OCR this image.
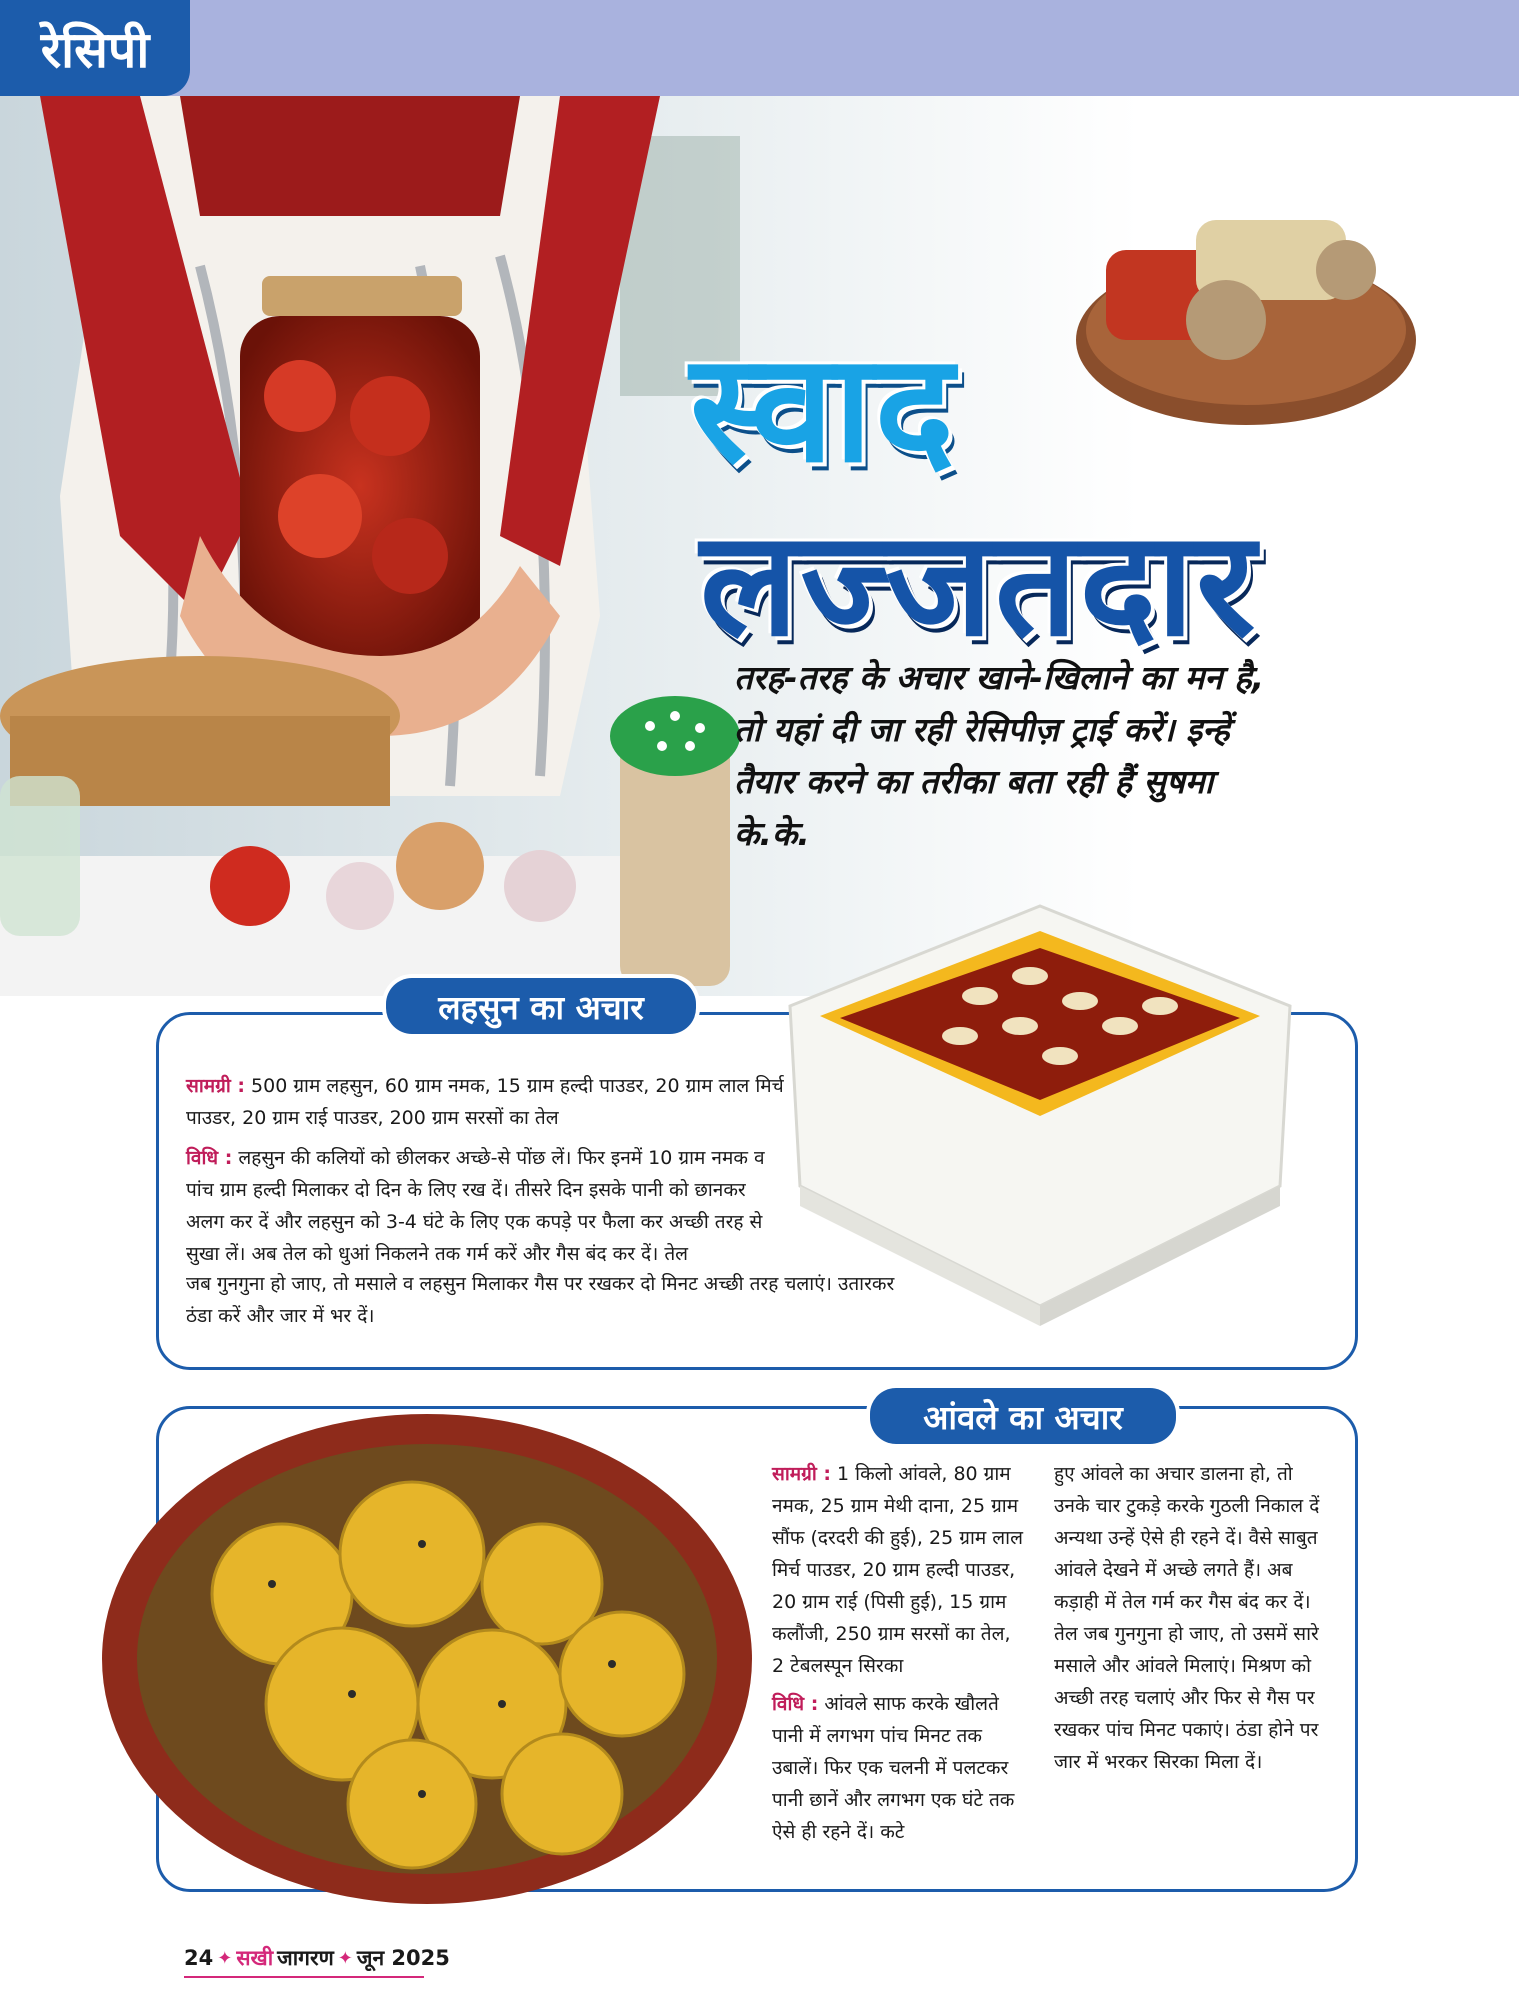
रेसिपी
स्वाद
लज्जतदार
तरह-तरह के अचार खाने-खिलाने का मन है, तो यहां दी जा रही रेसिपीज़ ट्राई करें। इन्हें तैयार करने का तरीका बता रही हैं सुषमा के.के.
लहसुन का अचार

सामग्री : 500 ग्राम लहसुन, 60 ग्राम नमक, 15 ग्राम हल्दी पाउडर, 20 ग्राम लाल मिर्च पाउडर, 20 ग्राम राई पाउडर, 200 ग्राम सरसों का तेल

विधि : लहसुन की कलियों को छीलकर अच्छे-से पोंछ लें। फिर इनमें 10 ग्राम नमक व पांच ग्राम हल्दी मिलाकर दो दिन के लिए रख दें। तीसरे दिन इसके पानी को छानकर अलग कर दें और लहसुन को 3-4 घंटे के लिए एक कपड़े पर फैला कर अच्छी तरह से सुखा लें। अब तेल को धुआं निकलने तक गर्म करें और गैस बंद कर दें। तेल

जब गुनगुना हो जाए, तो मसाले व लहसुन मिलाकर गैस पर रखकर दो मिनट अच्छी तरह चलाएं। उतारकर ठंडा करें और जार में भर दें।
आंवले का अचार

सामग्री : 1 किलो आंवले, 80 ग्राम नमक, 25 ग्राम मेथी दाना, 25 ग्राम सौंफ (दरदरी की हुई), 25 ग्राम लाल मिर्च पाउडर, 20 ग्राम हल्दी पाउडर, 20 ग्राम राई (पिसी हुई), 15 ग्राम कलौंजी, 250 ग्राम सरसों का तेल, 2 टेबलस्पून सिरका

विधि : आंवले साफ करके खौलते पानी में लगभग पांच मिनट तक उबालें। फिर एक चलनी में पलटकर पानी छानें और लगभग एक घंटे तक ऐसे ही रहने दें। कटे

हुए आंवले का अचार डालना हो, तो उनके चार टुकड़े करके गुठली निकाल दें अन्यथा उन्हें ऐसे ही रहने दें। वैसे साबुत आंवले देखने में अच्छे लगते हैं। अब कड़ाही में तेल गर्म कर गैस बंद कर दें। तेल जब गुनगुना हो जाए, तो उसमें सारे मसाले और आंवले मिलाएं। मिश्रण को अच्छी तरह चलाएं और फिर से गैस पर रखकर पांच मिनट पकाएं। ठंडा होने पर जार में भरकर सिरका मिला दें।

24 ✦ सखी जागरण ✦ जून 2025
